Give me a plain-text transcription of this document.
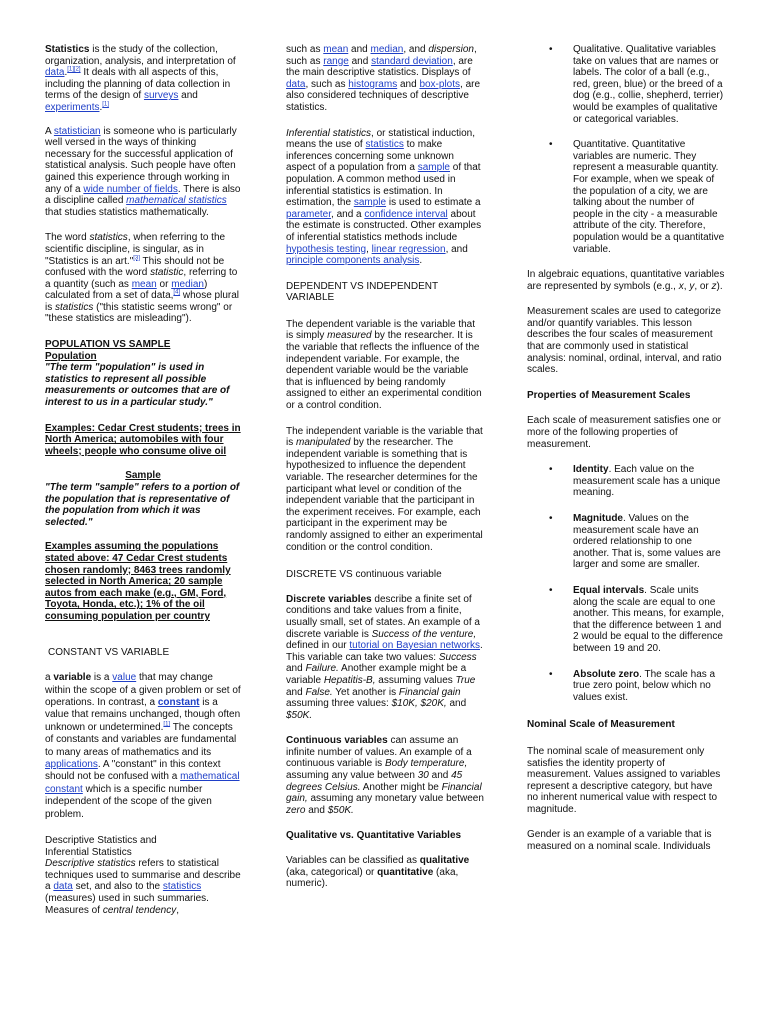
Statistics is the study of the collection, organization, analysis, and interpretation of data.[1][2] It deals with all aspects of this, including the planning of data collection in terms of the design of surveys and experiments.[1]

A statistician is someone who is particularly well versed in the ways of thinking necessary for the successful application of statistical analysis. Such people have often gained this experience through working in any of a wide number of fields. There is also a discipline called mathematical statistics that studies statistics mathematically.

The word statistics, when referring to the scientific discipline, is singular, as in "Statistics is an art."[3] This should not be confused with the word statistic, referring to a quantity (such as mean or median) calculated from a set of data,[4] whose plural is statistics ("this statistic seems wrong" or "these statistics are misleading").

POPULATION VS SAMPLE

Population

"The term "population" is used in statistics to represent all possible measurements or outcomes that are of interest to us in a particular study."

Examples: Cedar Crest students; trees in North America; automobiles with four wheels; people who consume olive oil

Sample

"The term "sample" refers to a portion of the population that is representative of the population from which it was selected."

Examples assuming the populations stated above: 47 Cedar Crest students chosen randomly; 8463 trees randomly selected in North America; 20 sample autos from each make (e.g., GM, Ford, Toyota, Honda, etc.); 1% of the oil consuming population per country

CONSTANT VS VARIABLE

a variable is a value that may change within the scope of a given problem or set of operations. In contrast, a constant is a value that remains unchanged, though often unknown or undetermined.[1] The concepts of constants and variables are fundamental to many areas of mathematics and its applications. A "constant" in this context should not be confused with a mathematical constant which is a specific number independent of the scope of the given problem.

Descriptive Statistics and

Inferential Statistics

Descriptive statistics refers to statistical techniques used to summarise and describe a data set, and also to the statistics (measures) used in such summaries. Measures of central tendency,

such as mean and median, and dispersion, such as range and standard deviation, are the main descriptive statistics. Displays of data, such as histograms and box-plots, are also considered techniques of descriptive statistics.

Inferential statistics, or statistical induction, means the use of statistics to make inferences concerning some unknown aspect of a population from a sample of that population. A common method used in inferential statistics is estimation. In estimation, the sample is used to estimate a parameter, and a confidence interval about the estimate is constructed. Other examples of inferential statistics methods include hypothesis testing, linear regression, and principle components analysis.

DEPENDENT VS INDEPENDENT VARIABLE

The dependent variable is the variable that is simply measured by the researcher. It is the variable that reflects the influence of the independent variable. For example, the dependent variable would be the variable that is influenced by being randomly assigned to either an experimental condition or a control condition.

The independent variable is the variable that is manipulated by the researcher. The independent variable is something that is hypothesized to influence the dependent variable. The researcher determines for the participant what level or condition of the independent variable that the participant in the experiment receives. For example, each participant in the experiment may be randomly assigned to either an experimental condition or the control condition.

DISCRETE VS continuous variable

Discrete variables describe a finite set of conditions and take values from a finite, usually small, set of states. An example of a discrete variable is Success of the venture, defined in our tutorial on Bayesian networks. This variable can take two values: Success and Failure. Another example might be a variable Hepatitis-B, assuming values True and False. Yet another is Financial gain assuming three values: $10K, $20K, and $50K.

Continuous variables can assume an infinite number of values. An example of a continuous variable is Body temperature, assuming any value between 30 and 45 degrees Celsius. Another might be Financial gain, assuming any monetary value between zero and $50K.

Qualitative vs. Quantitative Variables

Variables can be classified as qualitative (aka, categorical) or quantitative (aka, numeric).

• Qualitative. Qualitative variables take on values that are names or labels. The color of a ball (e.g., red, green, blue) or the breed of a dog (e.g., collie, shepherd, terrier) would be examples of qualitative or categorical variables.
• Quantitative. Quantitative variables are numeric. They represent a measurable quantity. For example, when we speak of the population of a city, we are talking about the number of people in the city - a measurable attribute of the city. Therefore, population would be a quantitative variable.

In algebraic equations, quantitative variables are represented by symbols (e.g., x, y, or z).

Measurement scales are used to categorize and/or quantify variables. This lesson describes the four scales of measurement that are commonly used in statistical analysis: nominal, ordinal, interval, and ratio scales.

Properties of Measurement Scales

Each scale of measurement satisfies one or more of the following properties of measurement.

• Identity. Each value on the measurement scale has a unique meaning.
• Magnitude. Values on the measurement scale have an ordered relationship to one another. That is, some values are larger and some are smaller.
• Equal intervals. Scale units along the scale are equal to one another. This means, for example, that the difference between 1 and 2 would be equal to the difference between 19 and 20.
• Absolute zero. The scale has a true zero point, below which no values exist.

Nominal Scale of Measurement

The nominal scale of measurement only satisfies the identity property of measurement. Values assigned to variables represent a descriptive category, but have no inherent numerical value with respect to magnitude.

Gender is an example of a variable that is measured on a nominal scale. Individuals
